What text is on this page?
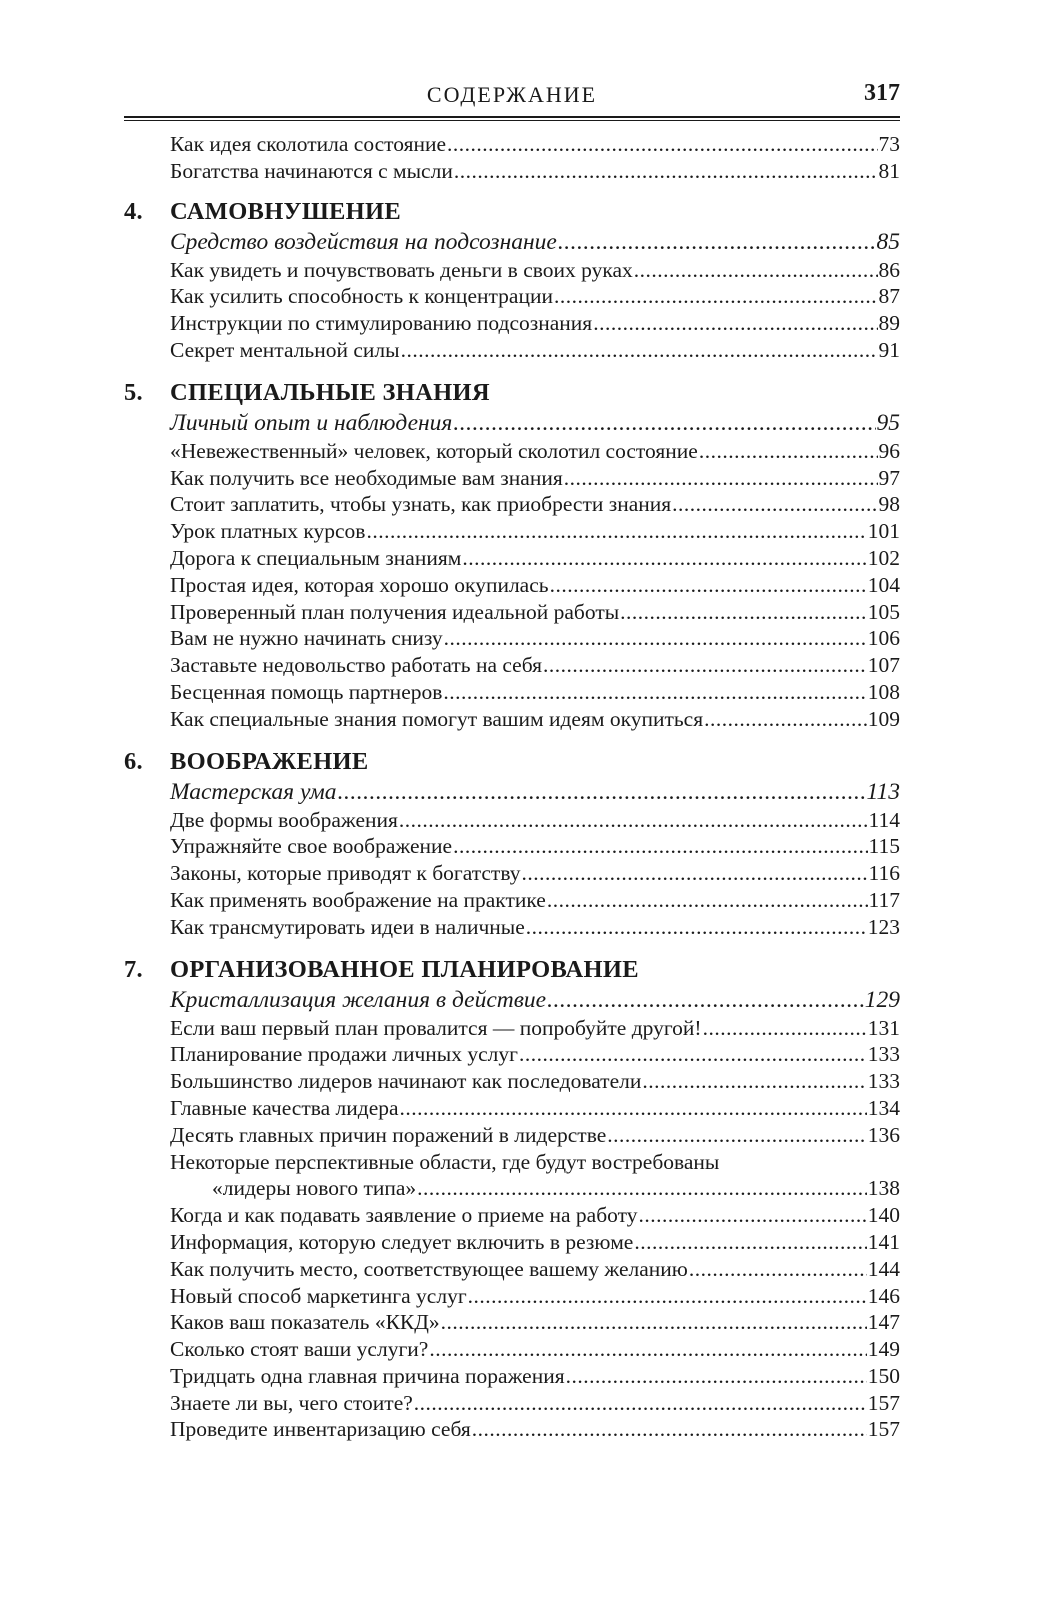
СОДЕРЖАНИЕ	317
Как идея сколотила состояние .....	73
Богатства начинаются с мысли .....	81
4.	САМОВНУШЕНИЕ
Средство воздействия на подсознание .....	85
Как увидеть и почувствовать деньги в своих руках .....	86
Как усилить способность к концентрации .....	87
Инструкции по стимулированию подсознания .....	89
Секрет ментальной силы .....	91
5.	СПЕЦИАЛЬНЫЕ ЗНАНИЯ
Личный опыт и наблюдения .....	95
«Невежественный» человек, который сколотил состояние .....	96
Как получить все необходимые вам знания .....	97
Стоит заплатить, чтобы узнать, как приобрести знания .....	98
Урок платных курсов .....	101
Дорога к специальным знаниям .....	102
Простая идея, которая хорошо окупилась .....	104
Проверенный план получения идеальной работы .....	105
Вам не нужно начинать снизу .....	106
Заставьте недовольство работать на себя .....	107
Бесценная помощь партнеров .....	108
Как специальные знания помогут вашим идеям окупиться .....	109
6.	ВООБРАЖЕНИЕ
Мастерская ума .....	113
Две формы воображения .....	114
Упражняйте свое воображение .....	115
Законы, которые приводят к богатству .....	116
Как применять воображение на практике .....	117
Как трансмутировать идеи в наличные .....	123
7.	ОРГАНИЗОВАННОЕ ПЛАНИРОВАНИЕ
Кристаллизация желания в действие .....	129
Если ваш первый план провалится — попробуйте другой! .....	131
Планирование продажи личных услуг .....	133
Большинство лидеров начинают как последователи .....	133
Главные качества лидера .....	134
Десять главных причин поражений в лидерстве .....	136
Некоторые перспективные области, где будут востребованы
«лидеры нового типа» .....	138
Когда и как подавать заявление о приеме на работу .....	140
Информация, которую следует включить в резюме .....	141
Как получить место, соответствующее вашему желанию .....	144
Новый способ маркетинга услуг .....	146
Каков ваш показатель «ККД» .....	147
Сколько стоят ваши услуги? .....	149
Тридцать одна главная причина поражения .....	150
Знаете ли вы, чего стоите? .....	157
Проведите инвентаризацию себя .....	157
